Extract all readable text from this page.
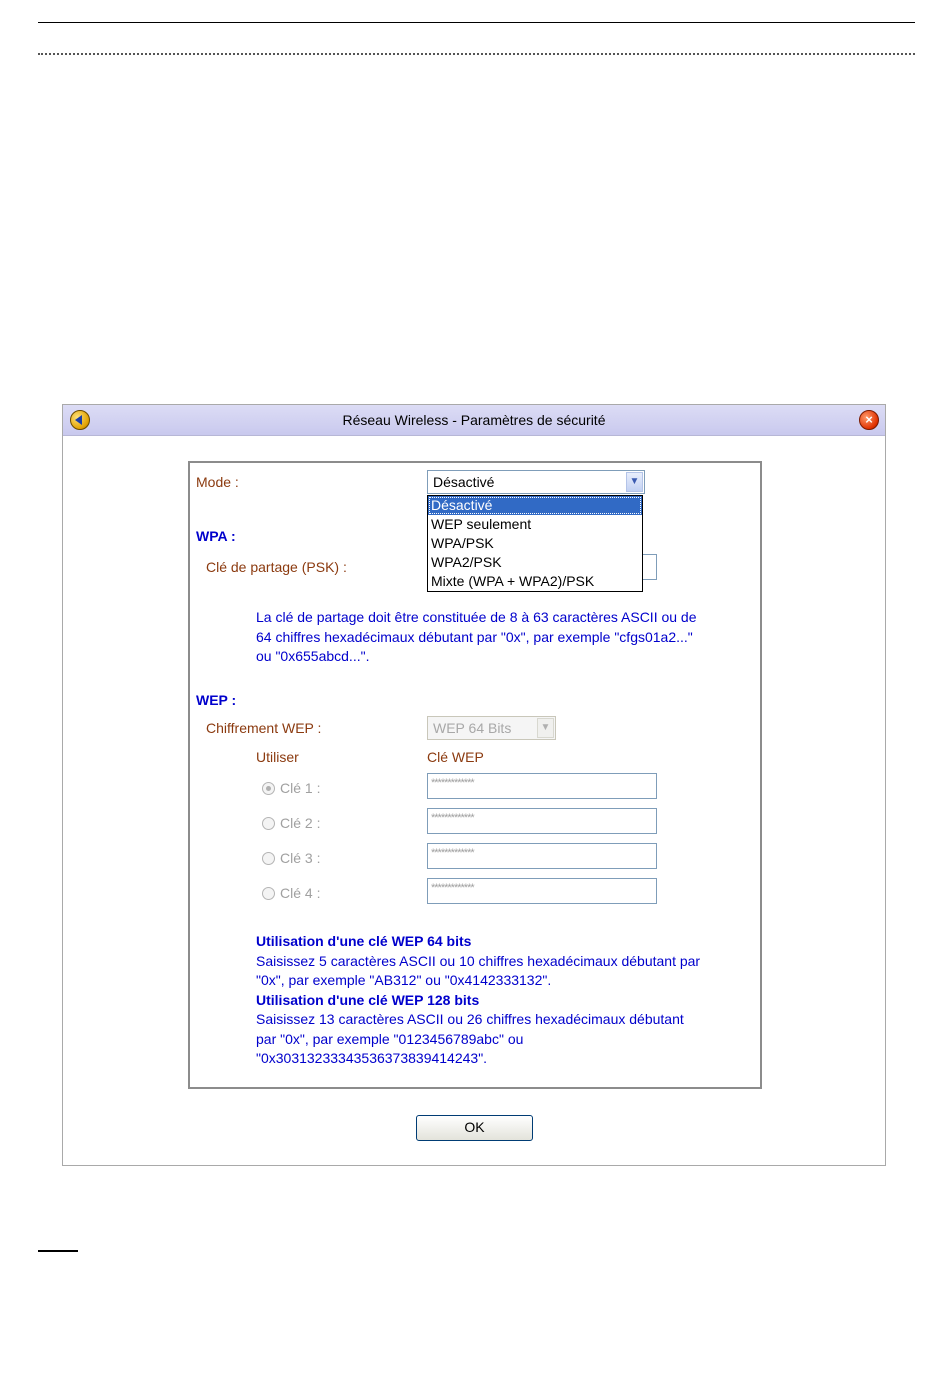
Réseau Wireless - Paramètres de sécurité	×
Mode :	Désactivé	▼
Désactivé
WEP seulement
WPA/PSK
WPA2/PSK
Mixte (WPA + WPA2)/PSK
WPA :
Clé de partage (PSK) :
La clé de partage doit être constituée de 8 à 63 caractères ASCII ou de
64 chiffres hexadécimaux débutant par "0x", par exemple "cfgs01a2..."
ou "0x655abcd...".
WEP :
Chiffrement WEP :	WEP 64 Bits	▼
Utiliser	Clé WEP
Clé 1 :	*************
Clé 2 :	*************
Clé 3 :	*************
Clé 4 :	*************
Utilisation d'une clé WEP 64 bits
Saisissez 5 caractères ASCII ou 10 chiffres hexadécimaux débutant par
"0x", par exemple "AB312" ou "0x4142333132".
Utilisation d'une clé WEP 128 bits
Saisissez 13 caractères ASCII ou 26 chiffres hexadécimaux débutant
par "0x", par exemple "0123456789abc" ou
"0x30313233343536373839414243".
OK
